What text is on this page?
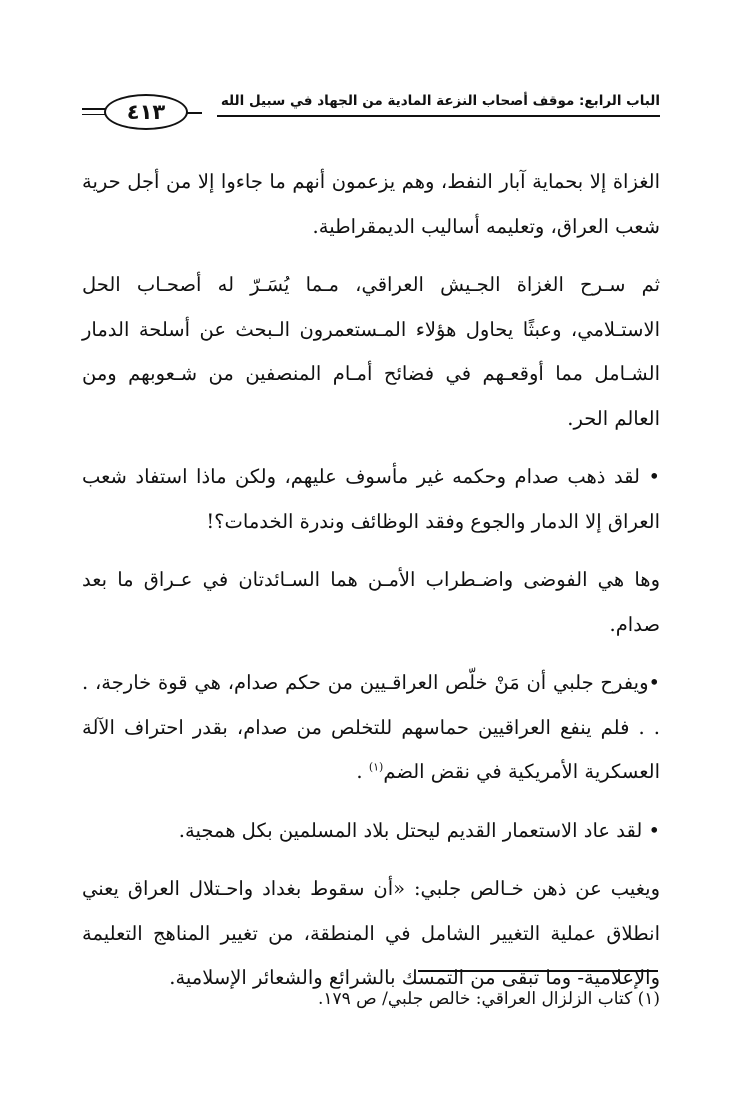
٤١٣	الباب الرابع: موقف أصحاب النزعة المادية من الجهاد في سبيل الله

الغزاة إلا بحماية آبار النفط، وهم يزعمون أنهم ما جاءوا إلا من أجل حرية شعب العراق، وتعليمه أساليب الديمقراطية.

ثم سـرح الغزاة الجـيش العراقي، مـما يُسَـرّ له أصحـاب الحل الاستـلامي، وعبثًا يحاول هؤلاء المـستعمرون الـبحث عن أسلحة الدمار الشـامل مما أوقعـهم في فضائح أمـام المنصفين من شـعوبهم ومن العالم الحر.

• لقد ذهب صدام وحكمه غير مأسوف عليهم، ولكن ماذا استفاد شعب العراق إلا الدمار والجوع وفقد الوظائف وندرة الخدمات؟!

وها هي الفوضى واضـطراب الأمـن هما السـائدتان في عـراق ما بعد صدام.

•ويفرح جلبي أن مَنْ خلّص العراقـيين من حكم صدام، هي قوة خارجة، . . . فلم ينفع العراقيين حماسهم للتخلص من صدام، بقدر احتراف الآلة العسكرية الأمريكية في نقض الضم$^{(١)}$ .

• لقد عاد الاستعمار القديم ليحتل بلاد المسلمين بكل همجية.

ويغيب عن ذهن خـالص جلبي: «أن سقوط بغداد واحـتلال العراق يعني انطلاق عملية التغيير الشامل في المنطقة، من تغيير المناهج التعليمة والإعلامية- وما تبقى من التمسك بالشرائع والشعائر الإسلامية.

(١) كتاب الزلزال العراقي: خالص جلبي/ ص ١٧٩.
